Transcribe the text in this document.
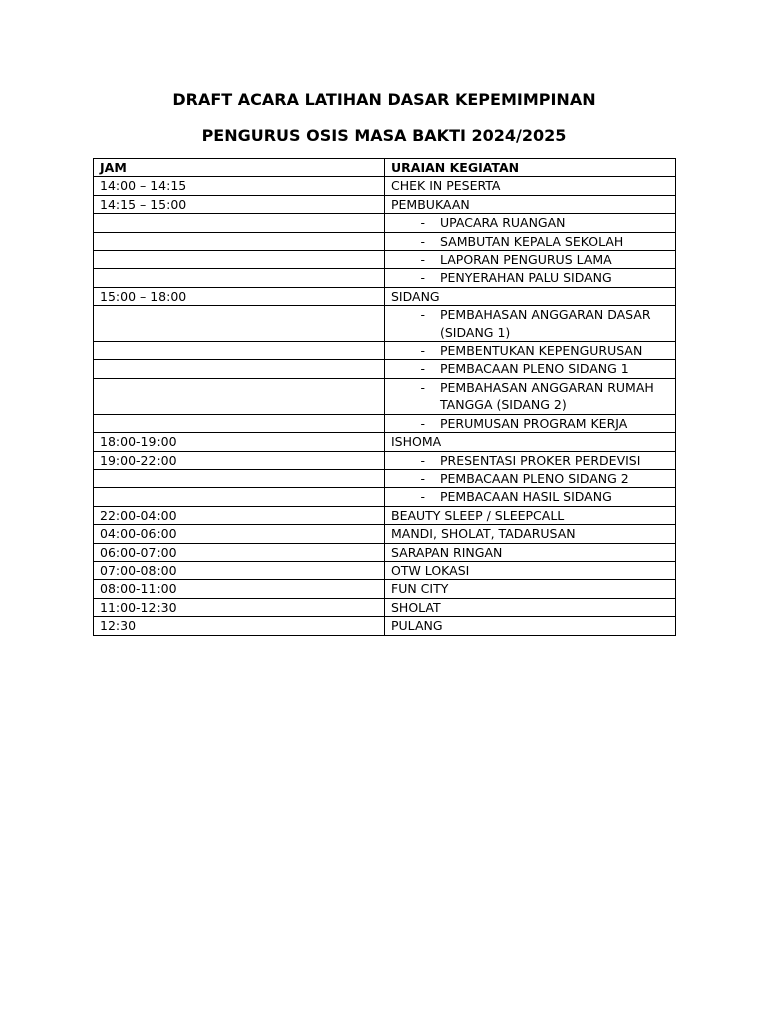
DRAFT ACARA LATIHAN DASAR KEPEMIMPINAN
PENGURUS OSIS MASA BAKTI 2024/2025
JAM	URAIAN KEGIATAN
14:00 – 14:15	CHEK IN PESERTA
14:15 – 15:00	PEMBUKAAN

	- UPACARA RUANGAN

	- SAMBUTAN KEPALA SEKOLAH

	- LAPORAN PENGURUS LAMA

	- PENYERAHAN PALU SIDANG

15:00 – 18:00	SIDANG

	- PEMBAHASAN ANGGARAN DASAR (SIDANG 1)

	- PEMBENTUKAN KEPENGURUSAN

	- PEMBACAAN PLENO SIDANG 1

	- PEMBAHASAN ANGGARAN RUMAH TANGGA (SIDANG 2)

	- PERUMUSAN PROGRAM KERJA

18:00-19:00	ISHOMA
19:00-22:00	- PRESENTASI PROKER PERDEVISI

	- PEMBACAAN PLENO SIDANG 2

	- PEMBACAAN HASIL SIDANG

22:00-04:00	BEAUTY SLEEP / SLEEPCALL
04:00-06:00	MANDI, SHOLAT, TADARUSAN
06:00-07:00	SARAPAN RINGAN
07:00-08:00	OTW LOKASI
08:00-11:00	FUN CITY
11:00-12:30	SHOLAT
12:30	PULANG
